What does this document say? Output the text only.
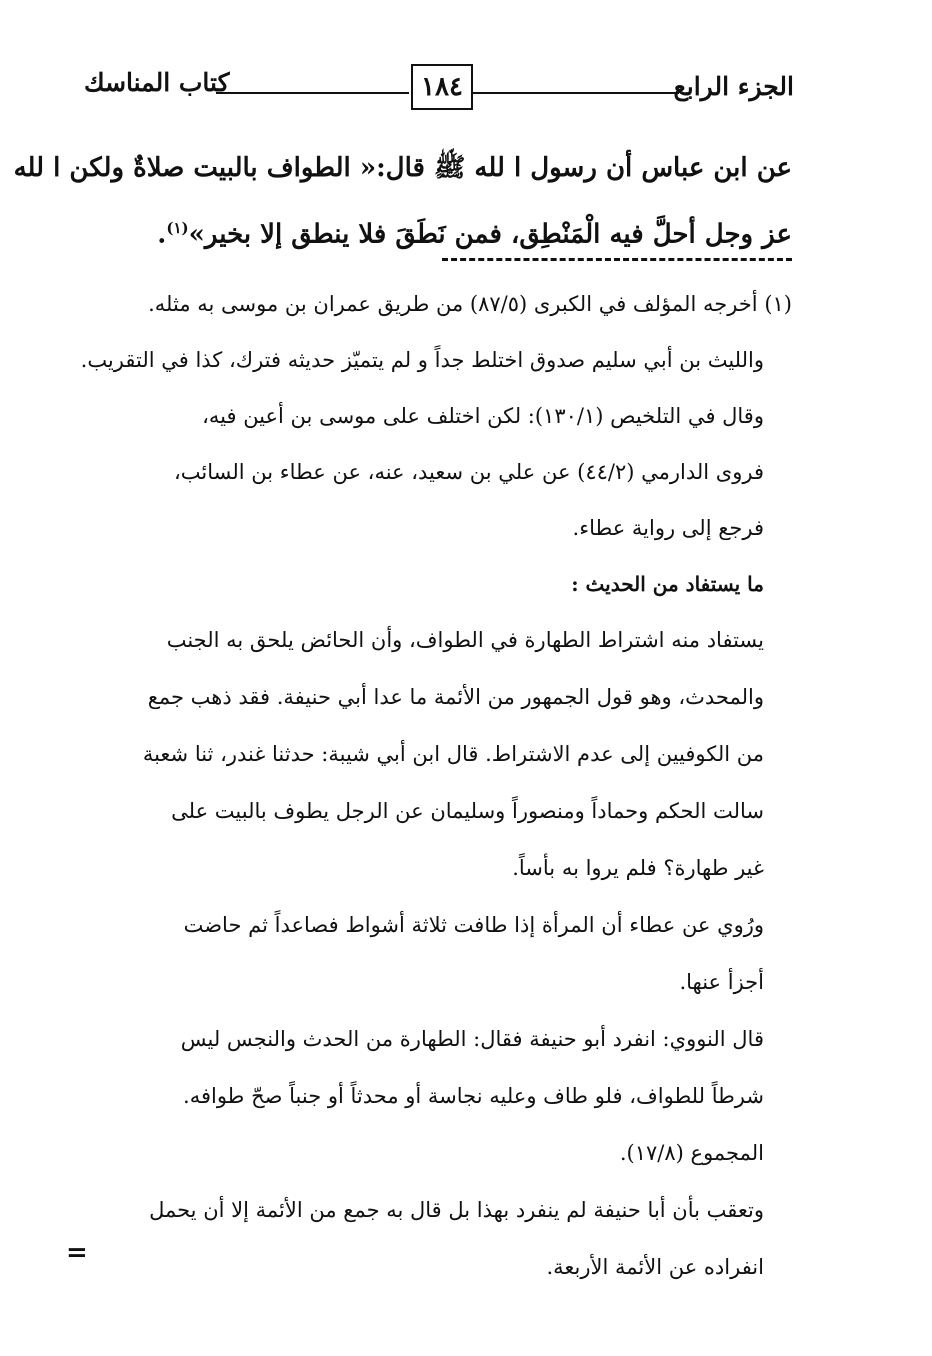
الجزء الرابع
١٨٤
كتاب المناسك
عن ابن عباس أن رسول ا لله ﷺ قال:« الطواف بالبيت صلاةٌ ولكن ا لله
عز وجل أحلَّ فيه الْمَنْطِق، فمن نَطَقَ فلا ينطق إلا بخير»$^{(١)}$.
(١) أخرجه المؤلف في الكبرى (٨٧/٥) من طريق عمران بن موسى به مثله.
والليث بن أبي سليم صدوق اختلط جداً و لم يتميّز حديثه فترك، كذا في التقريب.
وقال في التلخيص (١٣٠/١): لكن اختلف على موسى بن أعين فيه،
فروى الدارمي (٤٤/٢) عن علي بن سعيد، عنه، عن عطاء بن السائب،
فرجع إلى رواية عطاء.
ما يستفاد من الحديث :
يستفاد منه اشتراط الطهارة في الطواف، وأن الحائض يلحق به الجنب
والمحدث، وهو قول الجمهور من الأئمة ما عدا أبي حنيفة. فقد ذهب جمع
من الكوفيين إلى عدم الاشتراط. قال ابن أبي شيبة: حدثنا غندر، ثنا شعبة
سالت الحكم وحماداً ومنصوراً وسليمان عن الرجل يطوف بالبيت على
غير طهارة؟ فلم يروا به بأساً.
ورُوي عن عطاء أن المرأة إذا طافت ثلاثة أشواط فصاعداً ثم حاضت
أجزأ عنها.
قال النووي: انفرد أبو حنيفة فقال: الطهارة من الحدث والنجس ليس
شرطاً للطواف، فلو طاف وعليه نجاسة أو محدثاً أو جنباً صحّ طوافه.
المجموع (١٧/٨).
وتعقب بأن أبا حنيفة لم ينفرد بهذا بل قال به جمع من الأئمة إلا أن يحمل
انفراده عن الأئمة الأربعة.
=
